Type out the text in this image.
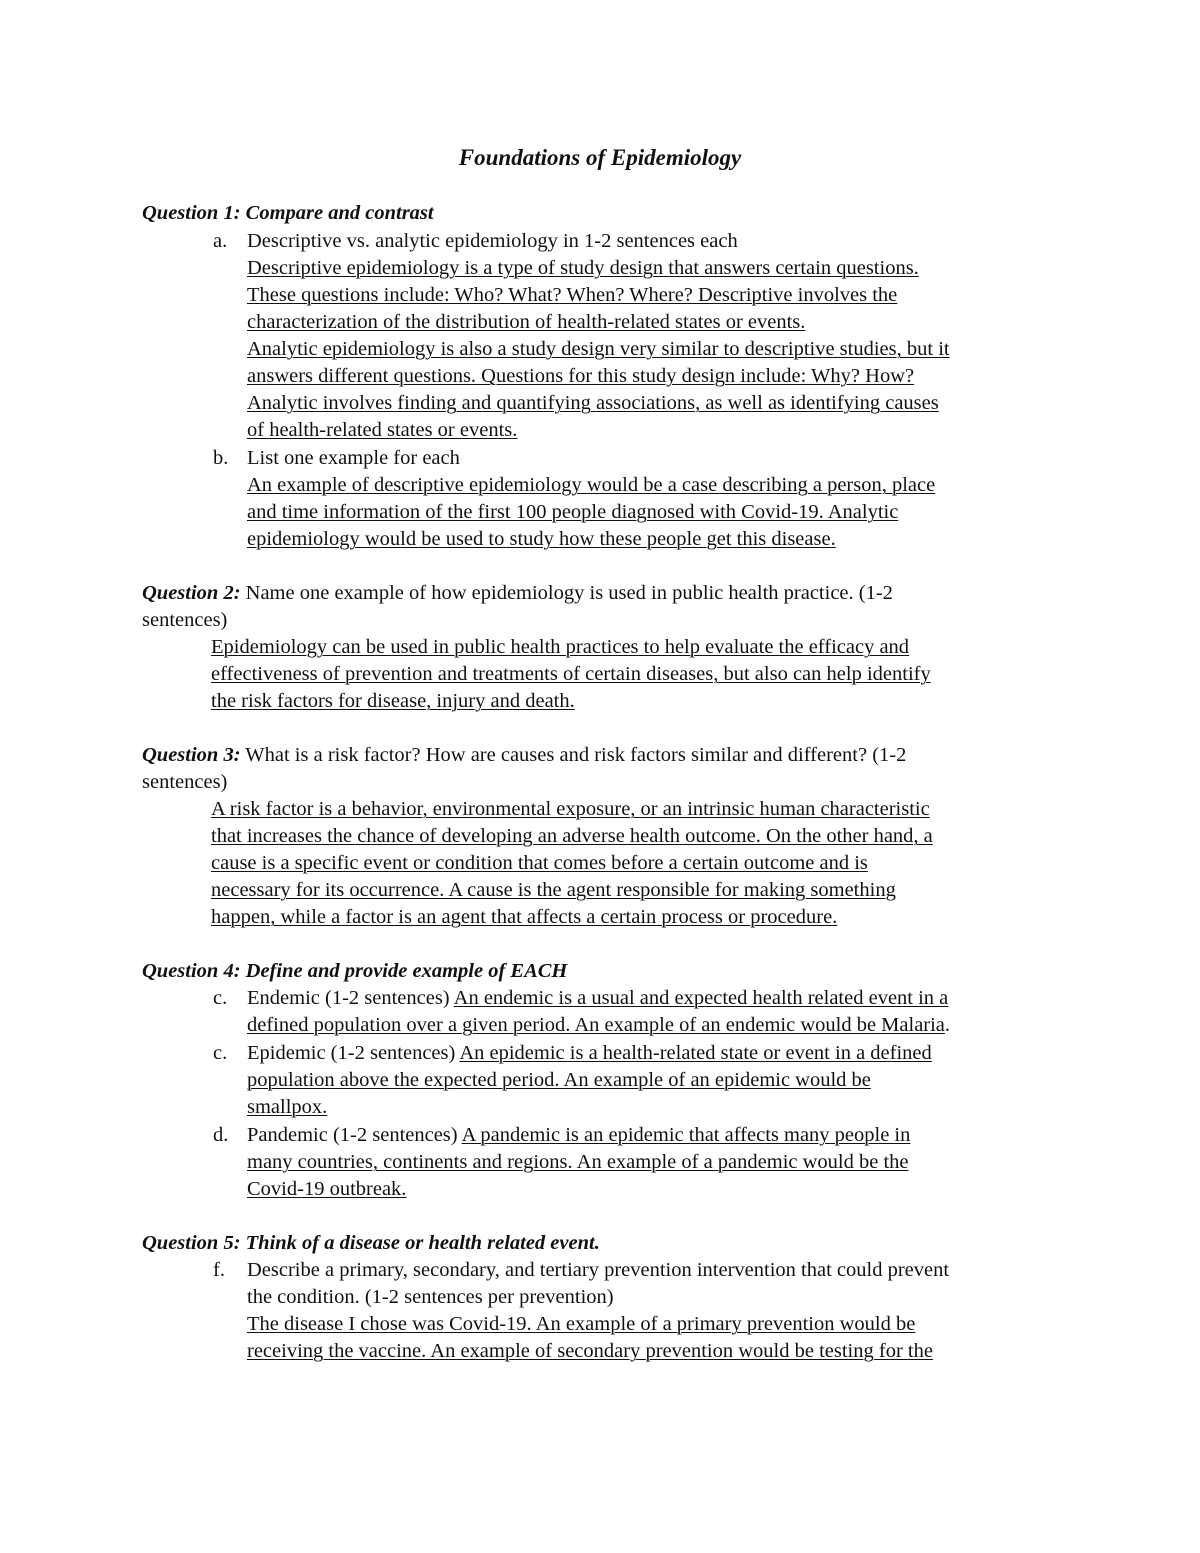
Foundations of Epidemiology
Question 1: Compare and contrast
a. Descriptive vs. analytic epidemiology in 1-2 sentences each
Descriptive epidemiology is a type of study design that answers certain questions.
These questions include: Who? What? When? Where? Descriptive involves the
characterization of the distribution of health-related states or events.
Analytic epidemiology is also a study design very similar to descriptive studies, but it
answers different questions. Questions for this study design include: Why? How?
Analytic involves finding and quantifying associations, as well as identifying causes
of health-related states or events.
b. List one example for each
An example of descriptive epidemiology would be a case describing a person, place
and time information of the first 100 people diagnosed with Covid-19. Analytic
epidemiology would be used to study how these people get this disease.
Question 2: Name one example of how epidemiology is used in public health practice. (1-2
sentences)
Epidemiology can be used in public health practices to help evaluate the efficacy and
effectiveness of prevention and treatments of certain diseases, but also can help identify
the risk factors for disease, injury and death.
Question 3: What is a risk factor? How are causes and risk factors similar and different? (1-2
sentences)
A risk factor is a behavior, environmental exposure, or an intrinsic human characteristic
that increases the chance of developing an adverse health outcome. On the other hand, a
cause is a specific event or condition that comes before a certain outcome and is
necessary for its occurrence. A cause is the agent responsible for making something
happen, while a factor is an agent that affects a certain process or procedure.
Question 4: Define and provide example of EACH
c. Endemic (1-2 sentences) An endemic is a usual and expected health related event in a
defined population over a given period. An example of an endemic would be Malaria.
c. Epidemic (1-2 sentences) An epidemic is a health-related state or event in a defined
population above the expected period. An example of an epidemic would be
smallpox.
d. Pandemic (1-2 sentences) A pandemic is an epidemic that affects many people in
many countries, continents and regions. An example of a pandemic would be the
Covid-19 outbreak.
Question 5: Think of a disease or health related event.
f. Describe a primary, secondary, and tertiary prevention intervention that could prevent
the condition. (1-2 sentences per prevention)
The disease I chose was Covid-19. An example of a primary prevention would be
receiving the vaccine. An example of secondary prevention would be testing for the
